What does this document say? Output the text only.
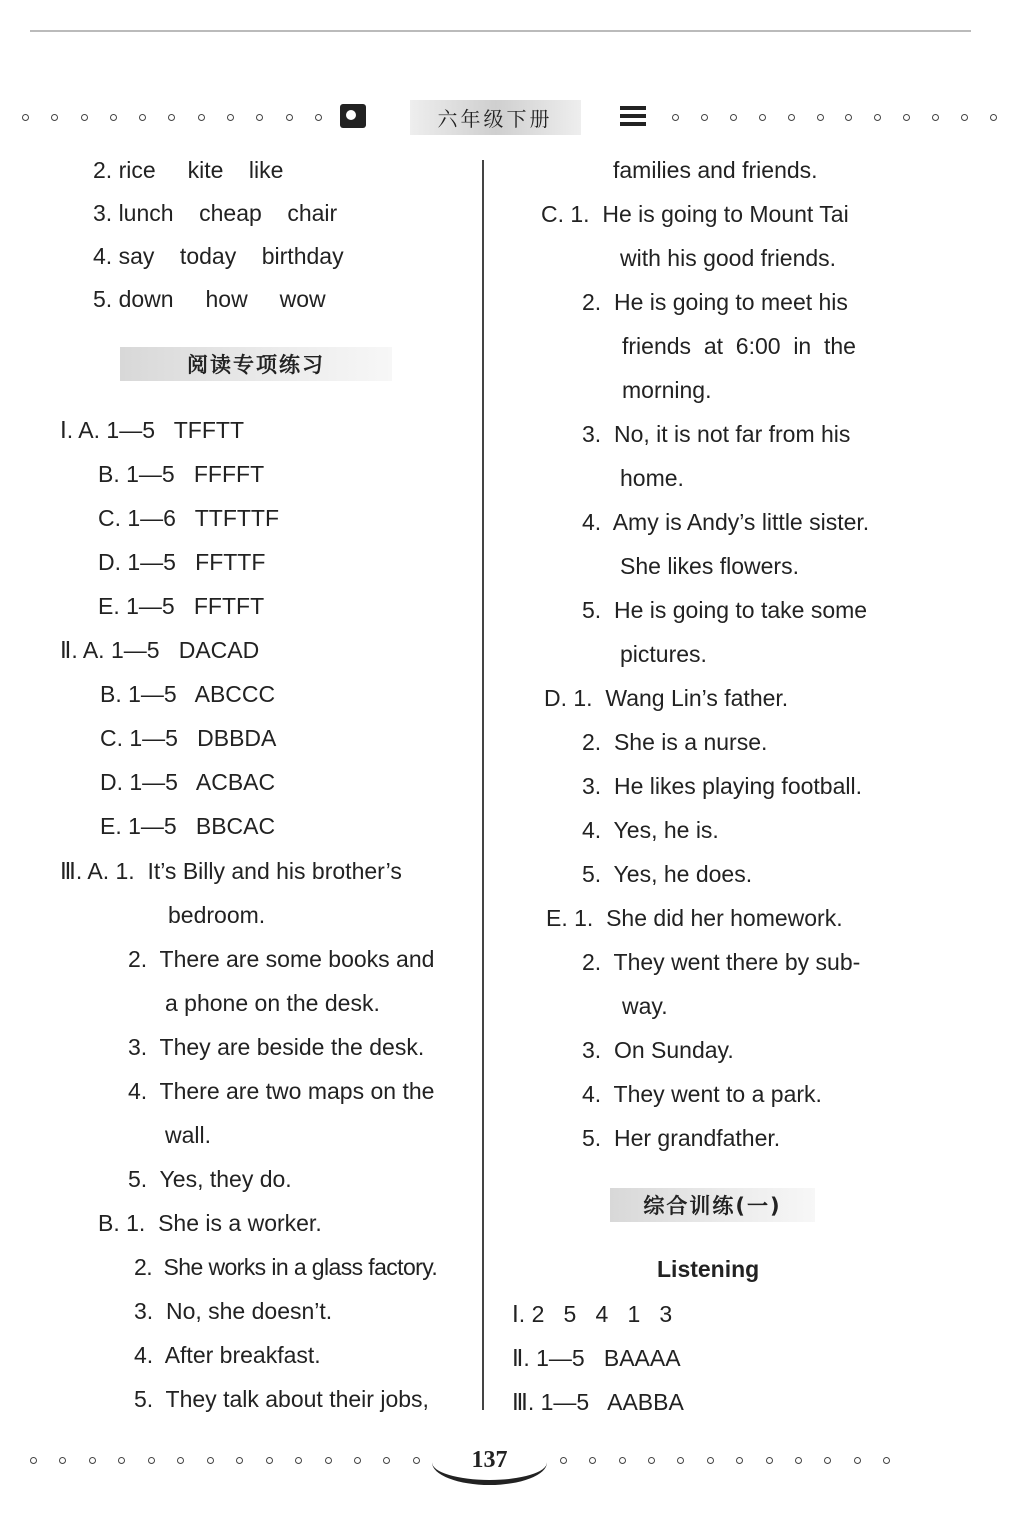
六年级下册
2. rice     kite    like
3. lunch    cheap    chair
4. say    today    birthday
5. down     how     wow
阅读专项练习
Ⅰ. A. 1—5   TFFTT
B. 1—5   FFFFT
C. 1—6   TTFTTF
D. 1—5   FFTTF
E. 1—5   FFTFT
Ⅱ. A. 1—5   DACAD
B. 1—5   ABCCC
C. 1—5   DBBDA
D. 1—5   ACBAC
E. 1—5   BBCAC
Ⅲ. A. 1.  It’s Billy and his brother’s
bedroom.
2.  There are some books and
a phone on the desk.
3.  They are beside the desk.
4.  There are two maps on the
wall.
5.  Yes, they do.
B. 1.  She is a worker.
2.  She works in a glass factory.
3.  No, she doesn’t.
4.  After breakfast.
5.  They talk about their jobs,
families and friends.
C. 1.  He is going to Mount Tai
with his good friends.
2.  He is going to meet his
friends  at  6:00  in  the
morning.
3.  No, it is not far from his
home.
4.  Amy is Andy’s little sister.
She likes flowers.
5.  He is going to take some
pictures.
D. 1.  Wang Lin’s father.
2.  She is a nurse.
3.  He likes playing football.
4.  Yes, he is.
5.  Yes, he does.
E. 1.  She did her homework.
2.  They went there by sub-
way.
3.  On Sunday.
4.  They went to a park.
5.  Her grandfather.
综合训练(一)
Listening
Ⅰ. 2   5   4   1   3
Ⅱ. 1—5   BAAAA
Ⅲ. 1—5   AABBA
137
